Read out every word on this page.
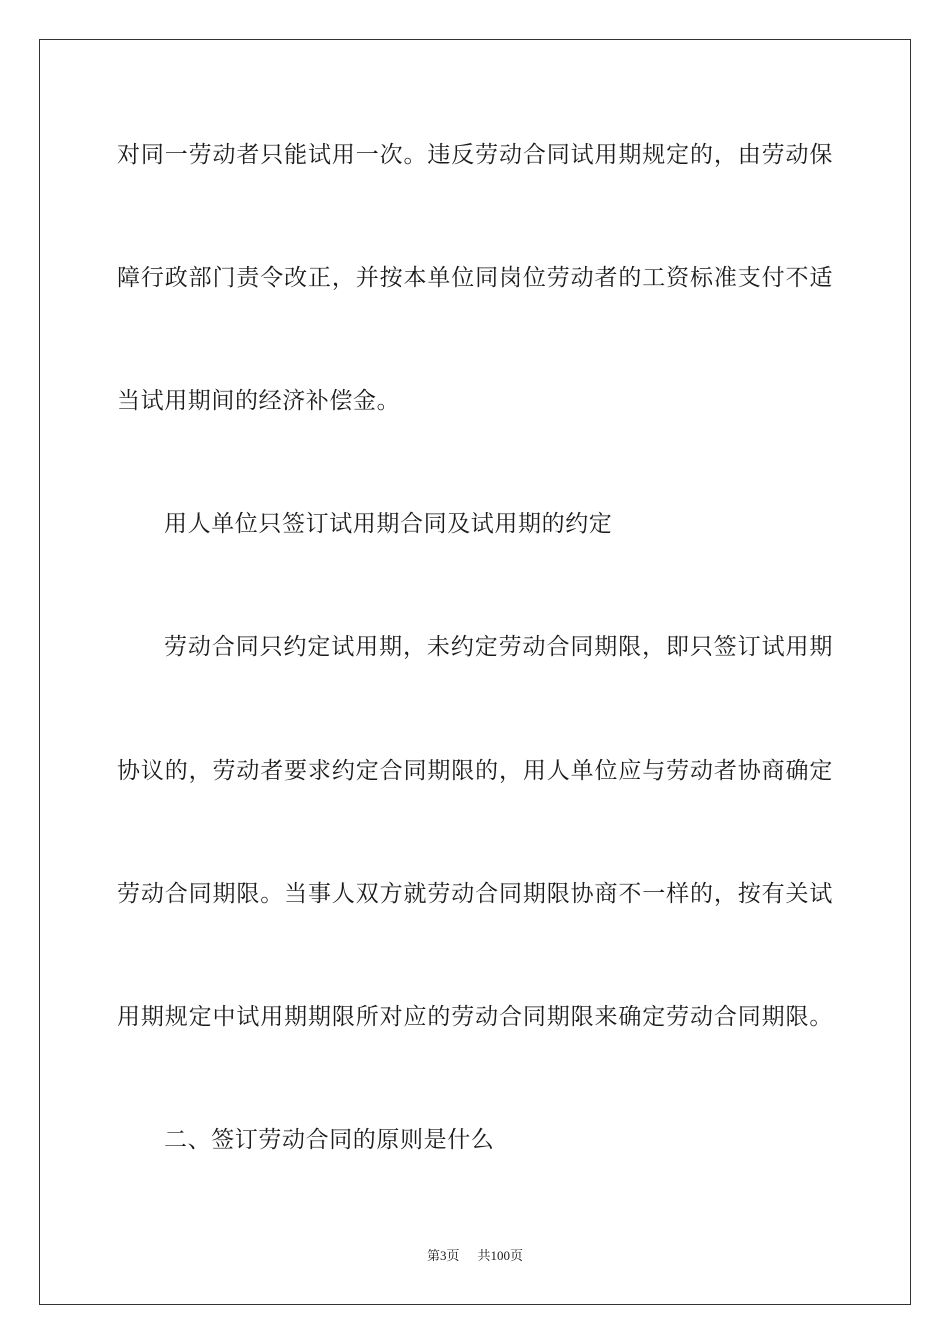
对同一劳动者只能试用一次。违反劳动合同试用期规定的，由劳动保
障行政部门责令改正，并按本单位同岗位劳动者的工资标准支付不适
当试用期间的经济补偿金。
用人单位只签订试用期合同及试用期的约定
劳动合同只约定试用期，未约定劳动合同期限，即只签订试用期
协议的，劳动者要求约定合同期限的，用人单位应与劳动者协商确定
劳动合同期限。当事人双方就劳动合同期限协商不一样的，按有关试
用期规定中试用期期限所对应的劳动合同期限来确定劳动合同期限。
二、签订劳动合同的原则是什么
第3页 共100页
